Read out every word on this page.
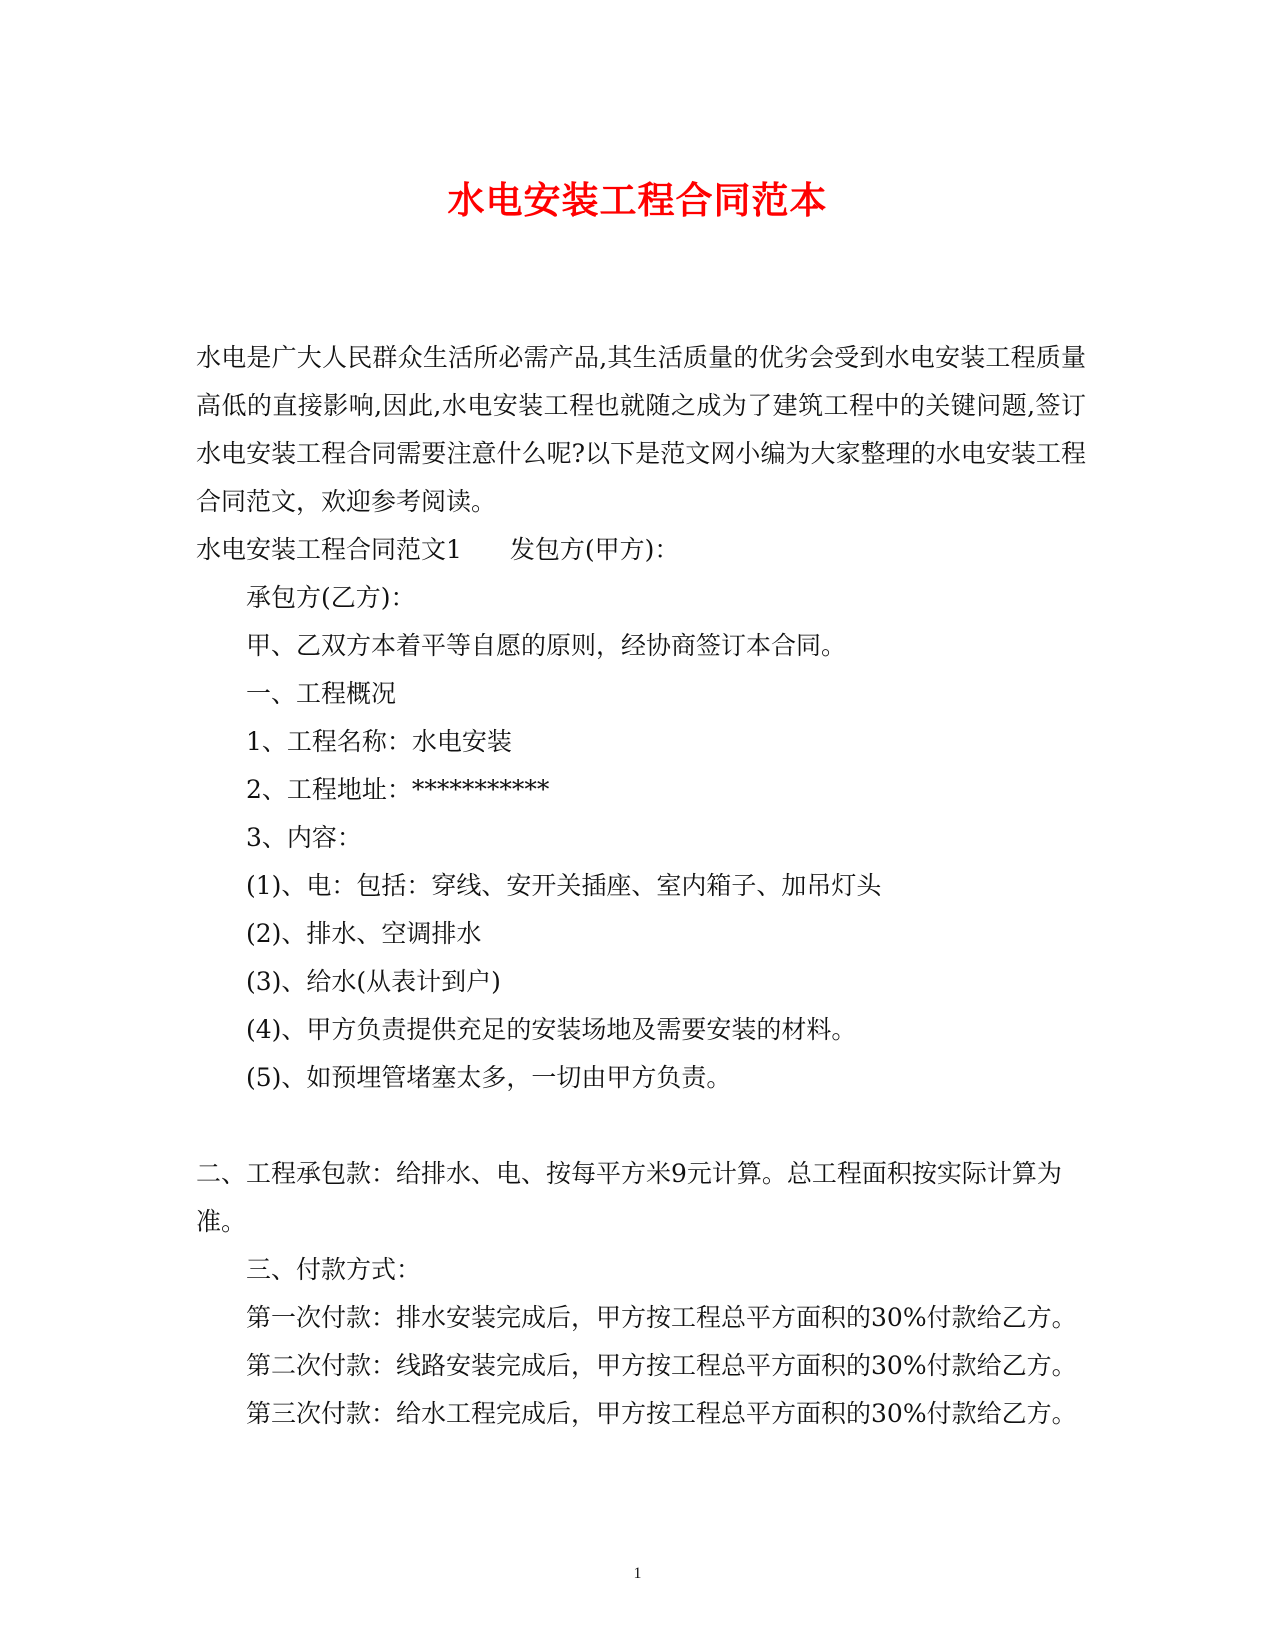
水电安装工程合同范本

水电是广大人民群众生活所必需产品,其生活质量的优劣会受到水电安装工程质量高低的直接影响,因此,水电安装工程也就随之成为了建筑工程中的关键问题,签订水电安装工程合同需要注意什么呢?以下是范文网小编为大家整理的水电安装工程合同范文，欢迎参考阅读。

水电安装工程合同范文1 发包方(甲方)：

承包方(乙方)：

甲、乙双方本着平等自愿的原则，经协商签订本合同。

一、工程概况

1、工程名称：水电安装

2、工程地址：***********

3、内容：

(1)、电：包括：穿线、安开关插座、室内箱子、加吊灯头

(2)、排水、空调排水

(3)、给水(从表计到户)

(4)、甲方负责提供充足的安装场地及需要安装的材料。

(5)、如预埋管堵塞太多，一切由甲方负责。

二、工程承包款：给排水、电、按每平方米9元计算。总工程面积按实际计算为准。

三、付款方式：

第一次付款：排水安装完成后，甲方按工程总平方面积的30%付款给乙方。

第二次付款：线路安装完成后，甲方按工程总平方面积的30%付款给乙方。

第三次付款：给水工程完成后，甲方按工程总平方面积的30%付款给乙方。

1
